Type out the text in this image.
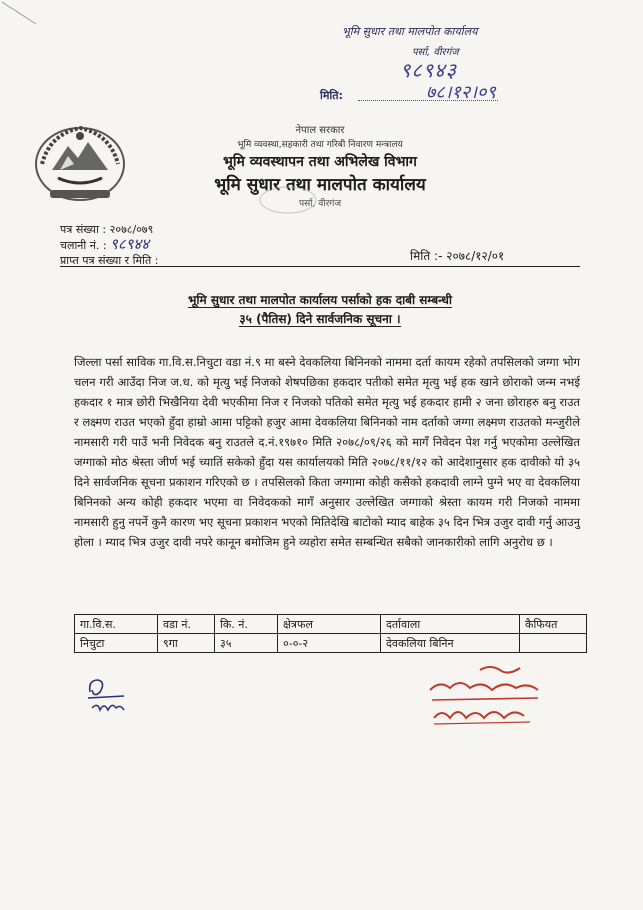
भूमि सुधार तथा मालपोत कार्यालय
पर्सा, वीरगंज
९८९४३
मिति:	७८।१२।०९
नेपाल सरकार
भूमि व्यवस्था,सहकारी तथा गरिबी निवारण मन्त्रालय
भूमि व्यवस्थापन तथा अभिलेख विभाग
भूमि सुधार तथा मालपोत कार्यालय
पर्सा, वीरगंज
पत्र संख्या : २०७८/०७९
चलानी नं. : ९८९४४
प्राप्त पत्र संख्या र मिति :	मिति :- २०७८/१२/०१
भूमि सुधार तथा मालपोत कार्यालय पर्साको हक दाबी सम्बन्धी
३५ (पैतिस) दिने सार्वजनिक सूचना ।
जिल्ला पर्सा साविक गा.वि.स.निचुटा वडा नं.९ मा बस्ने देवकलिया बिनिनको नाममा दर्ता कायम रहेको तपसिलको जग्गा भोग चलन गरी आउँदा निज ज.ध. को मृत्यु भई निजको शेषपछिका हकदार पतीको समेत मृत्यु भई हक खाने छोराको जन्म नभई हकदार १ मात्र छोरी भिखैनिया देवी भएकीमा निज र निजको पतिको समेत मृत्यु भई हकदार हामी २ जना छोराहरु बनु राउत र लक्ष्मण राउत भएको हुँदा हाम्रो आमा पट्टिको हजुर आमा देवकलिया बिनिनको नाम दर्ताको जग्गा लक्ष्मण राउतको मन्जुरीले नामसारी गरी पाउँ भनी निवेदक बनु राउतले द.नं.१९७१० मिति २०७८/०९/२६ को मागँ निवेदन पेश गर्नु भएकोमा उल्लेखित जग्गाको मोठ श्रेस्ता जीर्ण भई च्यातिं सकेको हुँदा यस कार्यालयको मिति २०७८/११/१२ को आदेशानुसार हक दावीको यो ३५ दिने सार्वजनिक सूचना प्रकाशन गरिएको छ । तपसिलको किता जग्गामा कोही कसैको हकदावी लाग्ने पुग्ने भए वा देवकलिया बिनिनको अन्य कोही हकदार भएमा वा निवेदकको मागँ अनुसार उल्लेखित जग्गाको श्रेस्ता कायम गरी निजको नाममा नामसारी हुनु नपर्ने कुनै कारण भए सूचना प्रकाशन भएको मितिदेखि बाटोको म्याद बाहेक ३५ दिन भित्र उजुर दावी गर्नु आउनु होला । म्याद भित्र उजुर दावी नपरे कानून बमोजिम हुने व्यहोरा समेत सम्बन्धित सबैको जानकारीको लागि अनुरोध छ ।
गा.वि.स.	वडा नं.	कि. नं.	क्षेत्रफल	दर्तावाला	कैफियत
निचुटा	९गा	३५	०-०-२	देवकलिया बिनिन	
